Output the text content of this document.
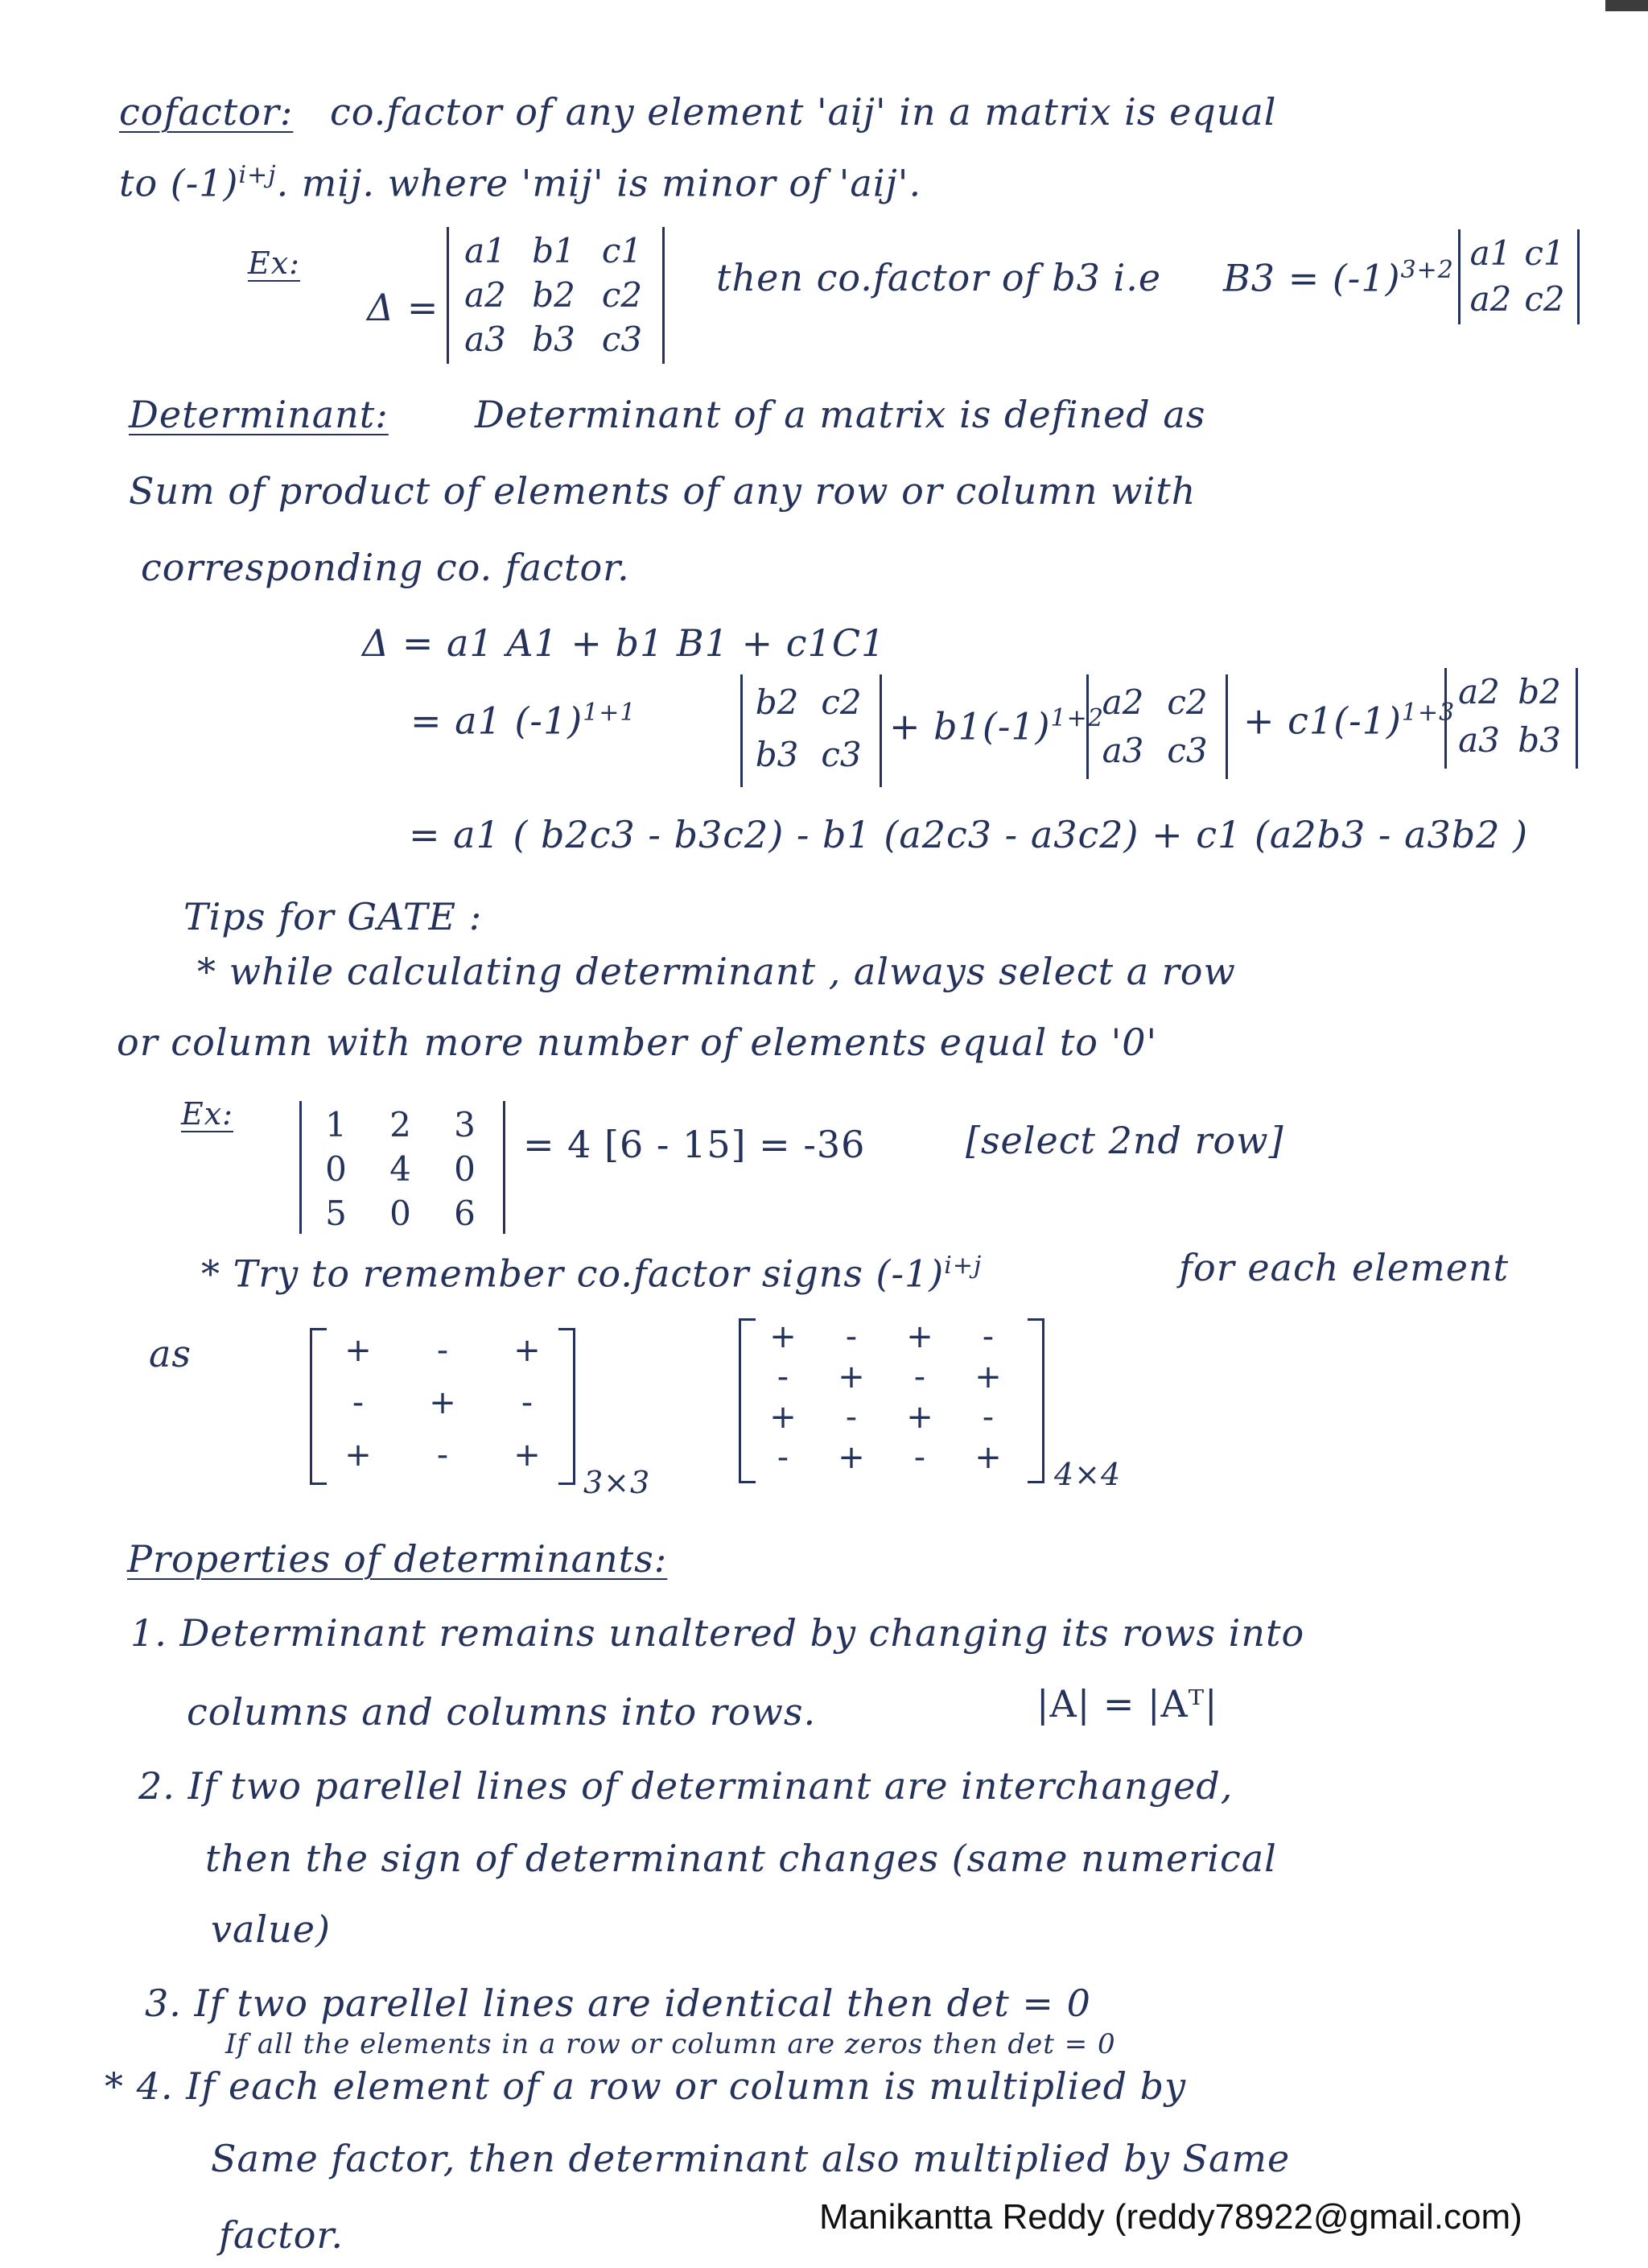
cofactor: co.factor of any element 'aij' in a matrix is equal
to $(-1)^{i+j}$. mij. where 'mij' is minor of 'aij'.
Ex:
Δ =
a1 b1 c1
a2 b2 c2
a3 b3 c3
then co.factor of b3 i.e $B3 = (-1)^{3+2}$ a1 c1
a2 c2
Determinant: Determinant of a matrix is defined as
Sum of product of elements of any row or column with
corresponding co. factor.
Δ = a1 A1 + b1 B1 + c1C1
= a1 $(-1)^{1+1}$	b2 c2
b3 c3
+ $b1(-1)^{1+2}$
a2 c2
a3 c3
+ $c1(-1)^{1+3}$
a2 b2
a3 b3
= a1 ( b2c3 - b3c2) - b1 (a2c3 - a3c2) + c1 (a2b3 - a3b2 )
Tips for GATE :
* while calculating determinant , always select a row
or column with more number of elements equal to '0'
Ex:	1	2	3
0	4	0
5	0	6
= 4 [6 - 15] = -36	[select 2nd row]
* Try to remember co.factor signs $(-1)^{i+j}$	for each element
as	+	-	+
-	+	-
+	-	+
3×3
+	-	+	-
-	+	-	+
+	-	+	-
-	+	-	+	4×4
Properties of determinants:
1. Determinant remains unaltered by changing its rows into
columns and columns into rows.	|A| = |Aᵀ|
2. If two parellel lines of determinant are interchanged,
then the sign of determinant changes (same numerical
value)
3. If two parellel lines are identical then det = 0
If all the elements in a row or column are zeros then det = 0
* 4. If each element of a row or column is multiplied by
Same factor, then determinant also multiplied by Same
factor.	Manikantta Reddy (reddy78922@gmail.com)
